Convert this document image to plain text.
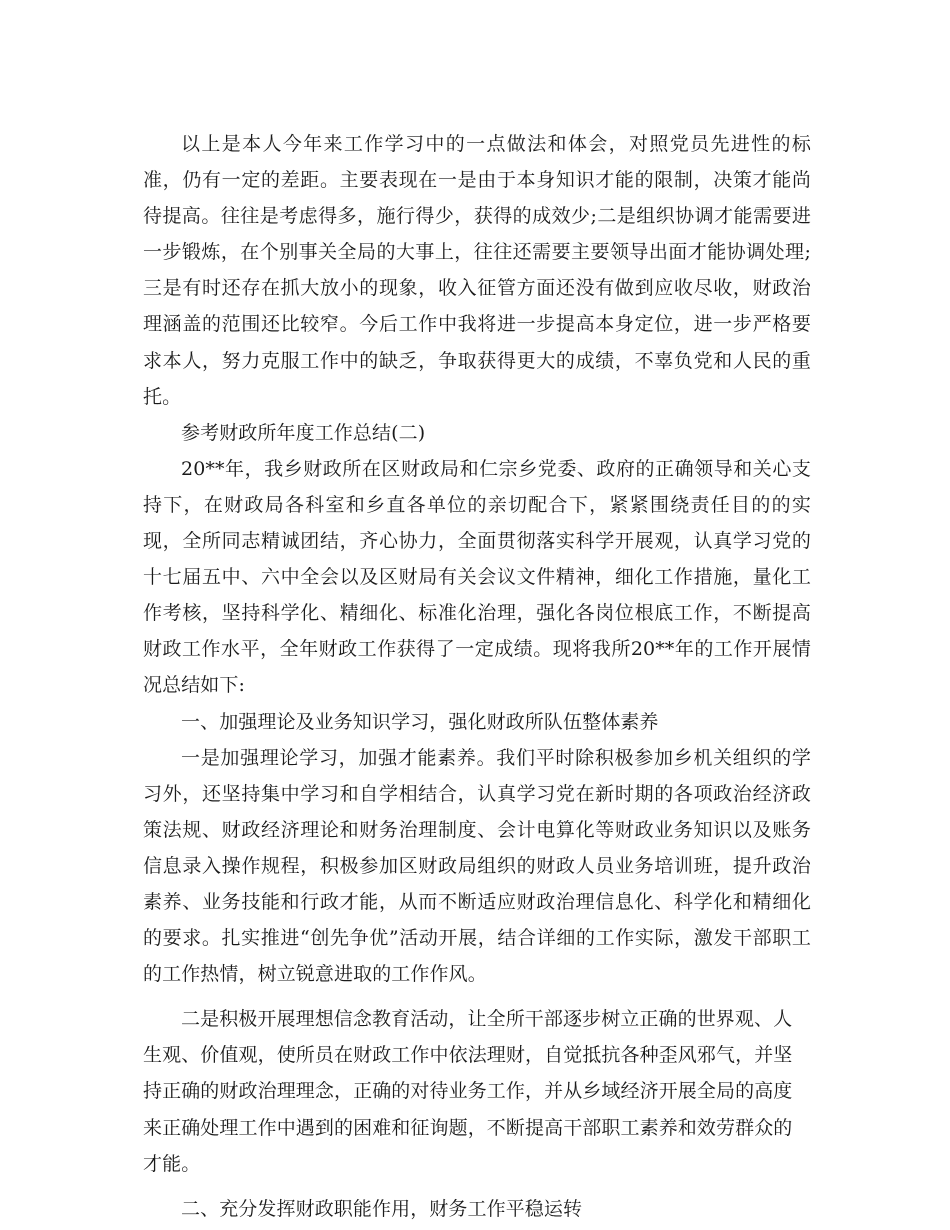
以上是本人今年来工作学习中的一点做法和体会，对照党员先进性的标准，仍有一定的差距。主要表现在一是由于本身知识才能的限制，决策才能尚待提高。往往是考虑得多，施行得少，获得的成效少;二是组织协调才能需要进一步锻炼，在个别事关全局的大事上，往往还需要主要领导出面才能协调处理;三是有时还存在抓大放小的现象，收入征管方面还没有做到应收尽收，财政治理涵盖的范围还比较窄。今后工作中我将进一步提高本身定位，进一步严格要求本人，努力克服工作中的缺乏，争取获得更大的成绩，不辜负党和人民的重托。

参考财政所年度工作总结(二)

20**年，我乡财政所在区财政局和仁宗乡党委、政府的正确领导和关心支持下，在财政局各科室和乡直各单位的亲切配合下，紧紧围绕责任目的的实现，全所同志精诚团结，齐心协力，全面贯彻落实科学开展观，认真学习党的十七届五中、六中全会以及区财局有关会议文件精神，细化工作措施，量化工作考核，坚持科学化、精细化、标准化治理，强化各岗位根底工作，不断提高财政工作水平，全年财政工作获得了一定成绩。现将我所20**年的工作开展情况总结如下:

一、加强理论及业务知识学习，强化财政所队伍整体素养

一是加强理论学习，加强才能素养。我们平时除积极参加乡机关组织的学习外，还坚持集中学习和自学相结合，认真学习党在新时期的各项政治经济政策法规、财政经济理论和财务治理制度、会计电算化等财政业务知识以及账务信息录入操作规程，积极参加区财政局组织的财政人员业务培训班，提升政治素养、业务技能和行政才能，从而不断适应财政治理信息化、科学化和精细化的要求。扎实推进“创先争优”活动开展，结合详细的工作实际，激发干部职工的工作热情，树立锐意进取的工作作风。

二是积极开展理想信念教育活动，让全所干部逐步树立正确的世界观、人生观、价值观，使所员在财政工作中依法理财，自觉抵抗各种歪风邪气，并坚持正确的财政治理理念，正确的对待业务工作，并从乡域经济开展全局的高度来正确处理工作中遇到的困难和征询题，不断提高干部职工素养和效劳群众的才能。

二、充分发挥财政职能作用，财务工作平稳运转
